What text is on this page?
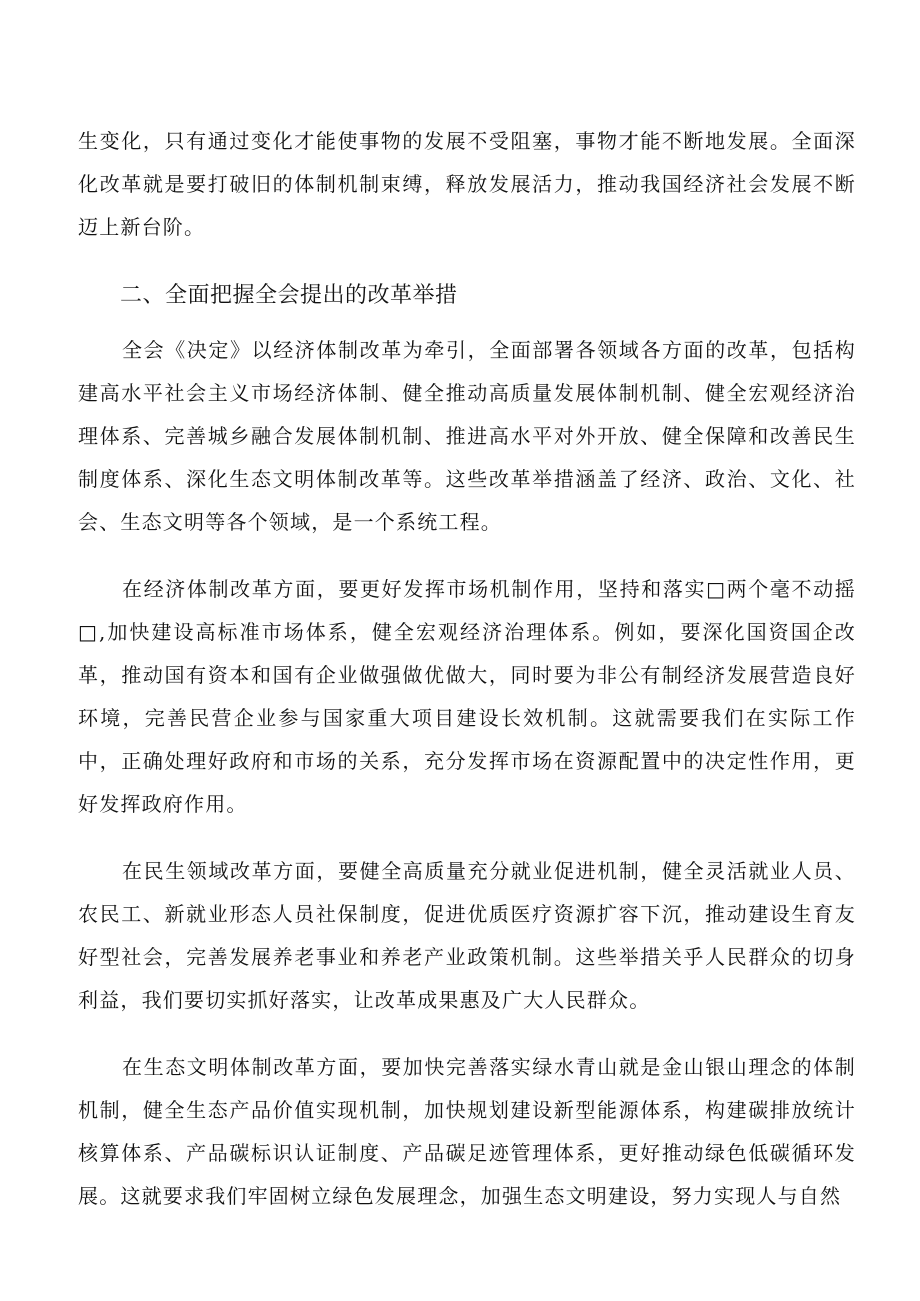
生变化，只有通过变化才能使事物的发展不受阻塞，事物才能不断地发展。全面深化改革就是要打破旧的体制机制束缚，释放发展活力，推动我国经济社会发展不断迈上新台阶。

二、全面把握全会提出的改革举措

全会《决定》以经济体制改革为牵引，全面部署各领域各方面的改革，包括构建高水平社会主义市场经济体制、健全推动高质量发展体制机制、健全宏观经济治理体系、完善城乡融合发展体制机制、推进高水平对外开放、健全保障和改善民生制度体系、深化生态文明体制改革等。这些改革举措涵盖了经济、政治、文化、社会、生态文明等各个领域，是一个系统工程。

在经济体制改革方面，要更好发挥市场机制作用，坚持和落实□两个毫不动摇□,加快建设高标准市场体系，健全宏观经济治理体系。例如，要深化国资国企改革，推动国有资本和国有企业做强做优做大，同时要为非公有制经济发展营造良好环境，完善民营企业参与国家重大项目建设长效机制。这就需要我们在实际工作中，正确处理好政府和市场的关系，充分发挥市场在资源配置中的决定性作用，更好发挥政府作用。

在民生领域改革方面，要健全高质量充分就业促进机制，健全灵活就业人员、农民工、新就业形态人员社保制度，促进优质医疗资源扩容下沉，推动建设生育友好型社会，完善发展养老事业和养老产业政策机制。这些举措关乎人民群众的切身利益，我们要切实抓好落实，让改革成果惠及广大人民群众。

在生态文明体制改革方面，要加快完善落实绿水青山就是金山银山理念的体制机制，健全生态产品价值实现机制，加快规划建设新型能源体系，构建碳排放统计核算体系、产品碳标识认证制度、产品碳足迹管理体系，更好推动绿色低碳循环发展。这就要求我们牢固树立绿色发展理念，加强生态文明建设，努力实现人与自然
